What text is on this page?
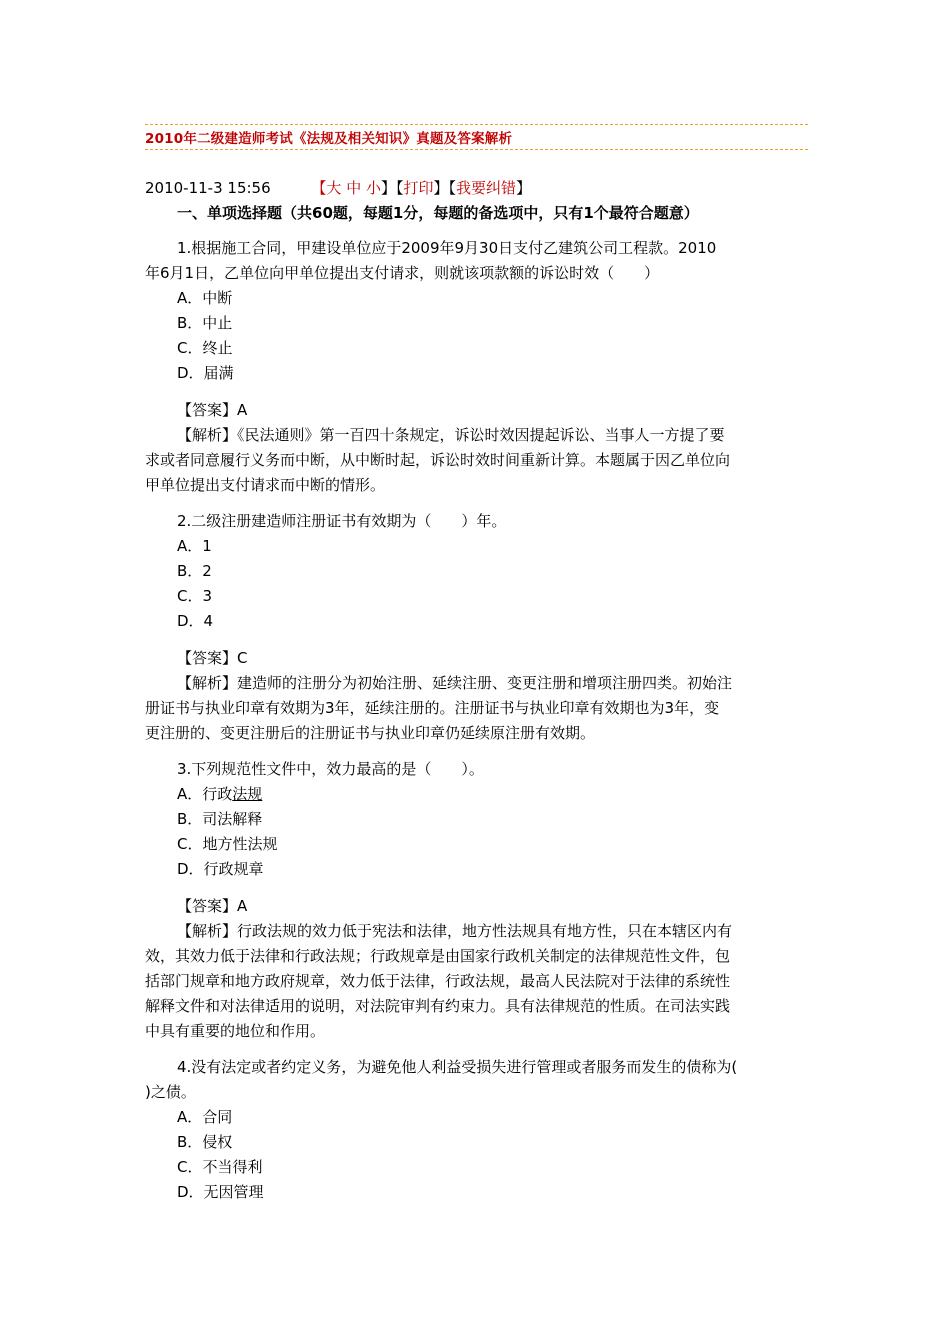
2010年二级建造师考试《法规及相关知识》真题及答案解析
2010-11-3 15:56	【大 中 小】【打印】【我要纠错】
一、单项选择题（共60题，每题1分，每题的备选项中，只有1个最符合题意）
1.根据施工合同，甲建设单位应于2009年9月30日支付乙建筑公司工程款。2010
年6月1日，乙单位向甲单位提出支付请求，则就该项款额的诉讼时效（　　）
A．中断
B．中止
C．终止
D．届满
【答案】A
【解析】《民法通则》第一百四十条规定，诉讼时效因提起诉讼、当事人一方提了要
求或者同意履行义务而中断，从中断时起，诉讼时效时间重新计算。本题属于因乙单位向
甲单位提出支付请求而中断的情形。
2.二级注册建造师注册证书有效期为（　　）年。
A．1
B．2
C．3
D．4
【答案】C
【解析】建造师的注册分为初始注册、延续注册、变更注册和增项注册四类。初始注
册证书与执业印章有效期为3年，延续注册的。注册证书与执业印章有效期也为3年，变
更注册的、变更注册后的注册证书与执业印章仍延续原注册有效期。
3.下列规范性文件中，效力最高的是（　　）。
A．行政法规
B．司法解释
C．地方性法规
D．行政规章
【答案】A
【解析】行政法规的效力低于宪法和法律，地方性法规具有地方性，只在本辖区内有
效，其效力低于法律和行政法规；行政规章是由国家行政机关制定的法律规范性文件，包
括部门规章和地方政府规章，效力低于法律，行政法规，最高人民法院对于法律的系统性
解释文件和对法律适用的说明，对法院审判有约束力。具有法律规范的性质。在司法实践
中具有重要的地位和作用。
4.没有法定或者约定义务，为避免他人利益受损失进行管理或者服务而发生的债称为(
)之债。
A．合同
B．侵权
C．不当得利
D．无因管理
